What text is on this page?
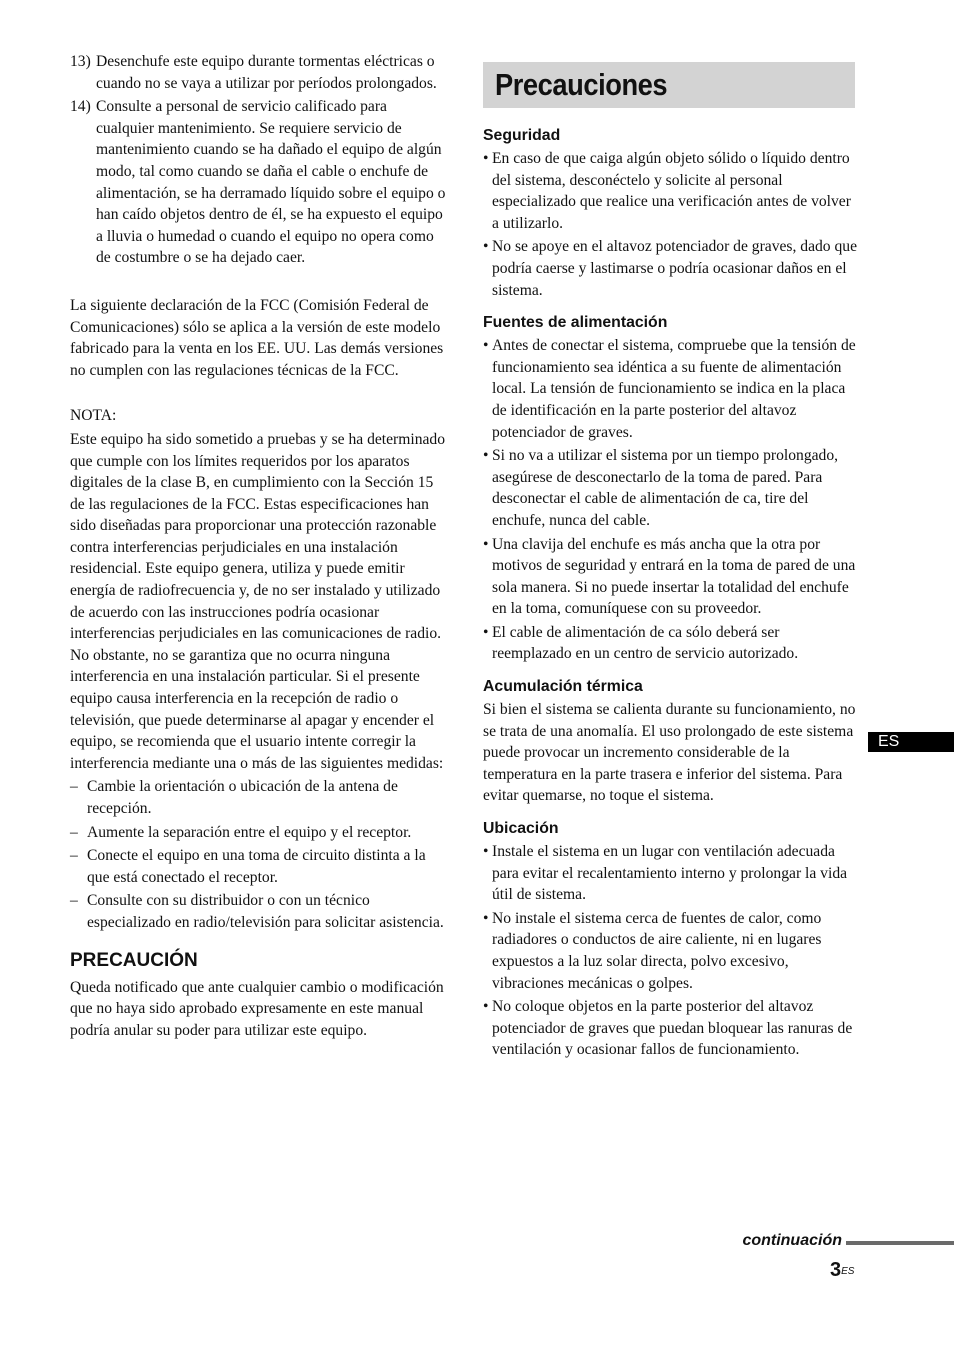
13) Desenchufe este equipo durante tormentas eléctricas o cuando no se vaya a utilizar por períodos prolongados.
14) Consulte a personal de servicio calificado para cualquier mantenimiento. Se requiere servicio de mantenimiento cuando se ha dañado el equipo de algún modo, tal como cuando se daña el cable o enchufe de alimentación, se ha derramado líquido sobre el equipo o han caído objetos dentro de él, se ha expuesto el equipo a lluvia o humedad o cuando el equipo no opera como de costumbre o se ha dejado caer.

La siguiente declaración de la FCC (Comisión Federal de Comunicaciones) sólo se aplica a la versión de este modelo fabricado para la venta en los EE. UU. Las demás versiones no cumplen con las regulaciones técnicas de la FCC.

NOTA:

Este equipo ha sido sometido a pruebas y se ha determinado que cumple con los límites requeridos por los aparatos digitales de la clase B, en cumplimiento con la Sección 15 de las regulaciones de la FCC. Estas especificaciones han sido diseñadas para proporcionar una protección razonable contra interferencias perjudiciales en una instalación residencial. Este equipo genera, utiliza y puede emitir energía de radiofrecuencia y, de no ser instalado y utilizado de acuerdo con las instrucciones podría ocasionar interferencias perjudiciales en las comunicaciones de radio. No obstante, no se garantiza que no ocurra ninguna interferencia en una instalación particular. Si el presente equipo causa interferencia en la recepción de radio o televisión, que puede determinarse al apagar y encender el equipo, se recomienda que el usuario intente corregir la interferencia mediante una o más de las siguientes medidas:

– Cambie la orientación o ubicación de la antena de recepción.
– Aumente la separación entre el equipo y el receptor.
– Conecte el equipo en una toma de circuito distinta a la que está conectado el receptor.
– Consulte con su distribuidor o con un técnico especializado en radio/televisión para solicitar asistencia.
PRECAUCIÓN

Queda notificado que ante cualquier cambio o modificación que no haya sido aprobado expresamente en este manual podría anular su poder para utilizar este equipo.

Precauciones
Seguridad
• En caso de que caiga algún objeto sólido o líquido dentro del sistema, desconéctelo y solicite al personal especializado que realice una verificación antes de volver a utilizarlo.
• No se apoye en el altavoz potenciador de graves, dado que podría caerse y lastimarse o podría ocasionar daños en el sistema.
Fuentes de alimentación
• Antes de conectar el sistema, compruebe que la tensión de funcionamiento sea idéntica a su fuente de alimentación local. La tensión de funcionamiento se indica en la placa de identificación en la parte posterior del altavoz potenciador de graves.
• Si no va a utilizar el sistema por un tiempo prolongado, asegúrese de desconectarlo de la toma de pared. Para desconectar el cable de alimentación de ca, tire del enchufe, nunca del cable.
• Una clavija del enchufe es más ancha que la otra por motivos de seguridad y entrará en la toma de pared de una sola manera. Si no puede insertar la totalidad del enchufe en la toma, comuníquese con su proveedor.
• El cable de alimentación de ca sólo deberá ser reemplazado en un centro de servicio autorizado.
Acumulación térmica

Si bien el sistema se calienta durante su funcionamiento, no se trata de una anomalía. El uso prolongado de este sistema puede provocar un incremento considerable de la temperatura en la parte trasera e inferior del sistema. Para evitar quemarse, no toque el sistema.

Ubicación
• Instale el sistema en un lugar con ventilación adecuada para evitar el recalentamiento interno y prolongar la vida útil de sistema.
• No instale el sistema cerca de fuentes de calor, como radiadores o conductos de aire caliente, ni en lugares expuestos a la luz solar directa, polvo excesivo, vibraciones mecánicas o golpes.
• No coloque objetos en la parte posterior del altavoz potenciador de graves que puedan bloquear las ranuras de ventilación y ocasionar fallos de funcionamiento.
ES
continuación
$3^{ES}$
